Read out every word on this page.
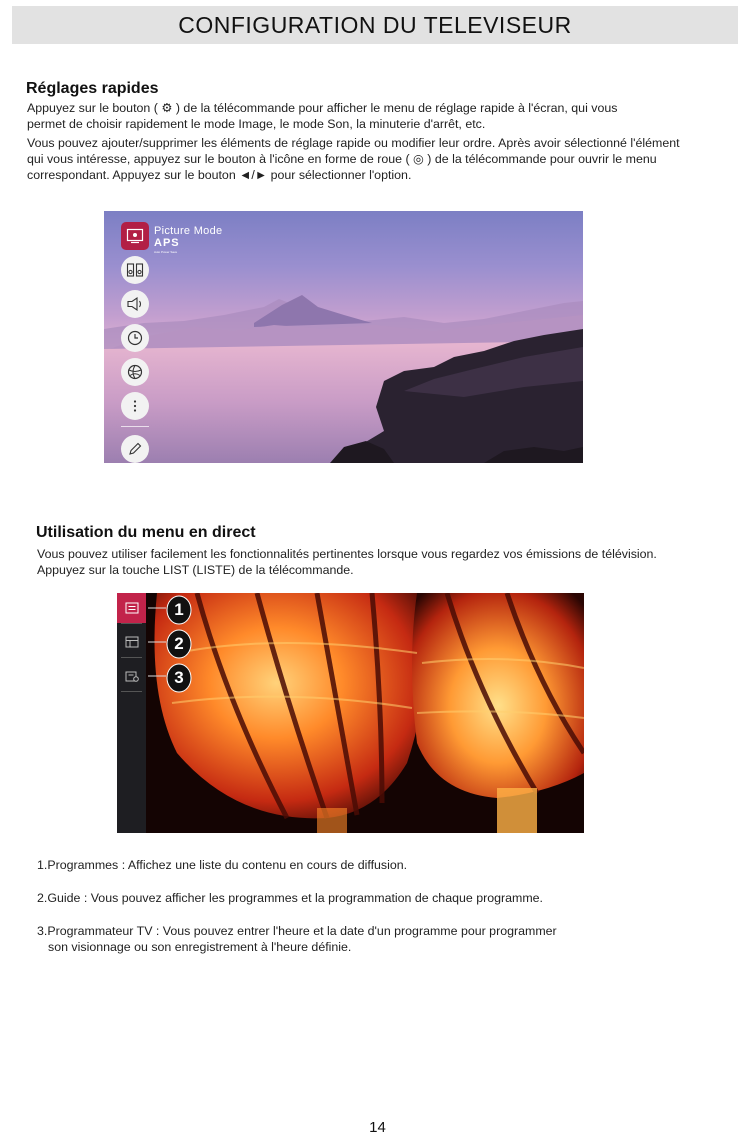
CONFIGURATION DU TELEVISEUR
Réglages rapides
Appuyez sur le bouton ( ⚙ ) de la télécommande pour afficher le menu de réglage rapide à l'écran, qui vous
permet de choisir rapidement le mode Image, le mode Son, la minuterie d'arrêt, etc.
Vous pouvez ajouter/supprimer les éléments de réglage rapide ou modifier leur ordre. Après avoir sélectionné l'élément
qui vous intéresse, appuyez sur le bouton à l'icône en forme de roue ( ◎ ) de la télécommande pour ouvrir le menu
correspondant. Appuyez sur le bouton ◄/► pour sélectionner l'option.
Picture Mode
APS
Auto Power Save
Utilisation du menu en direct
Vous pouvez utiliser facilement les fonctionnalités pertinentes lorsque vous regardez vos émissions de télévision.
Appuyez sur la touche LIST (LISTE) de la télécommande.
1
2
3
1.Programmes : Affichez une liste du contenu en cours de diffusion.
2.Guide : Vous pouvez afficher les programmes et la programmation de chaque programme.
3.Programmateur TV : Vous pouvez entrer l'heure et la date d'un programme pour programmer
son visionnage ou son enregistrement à l'heure définie.
14
